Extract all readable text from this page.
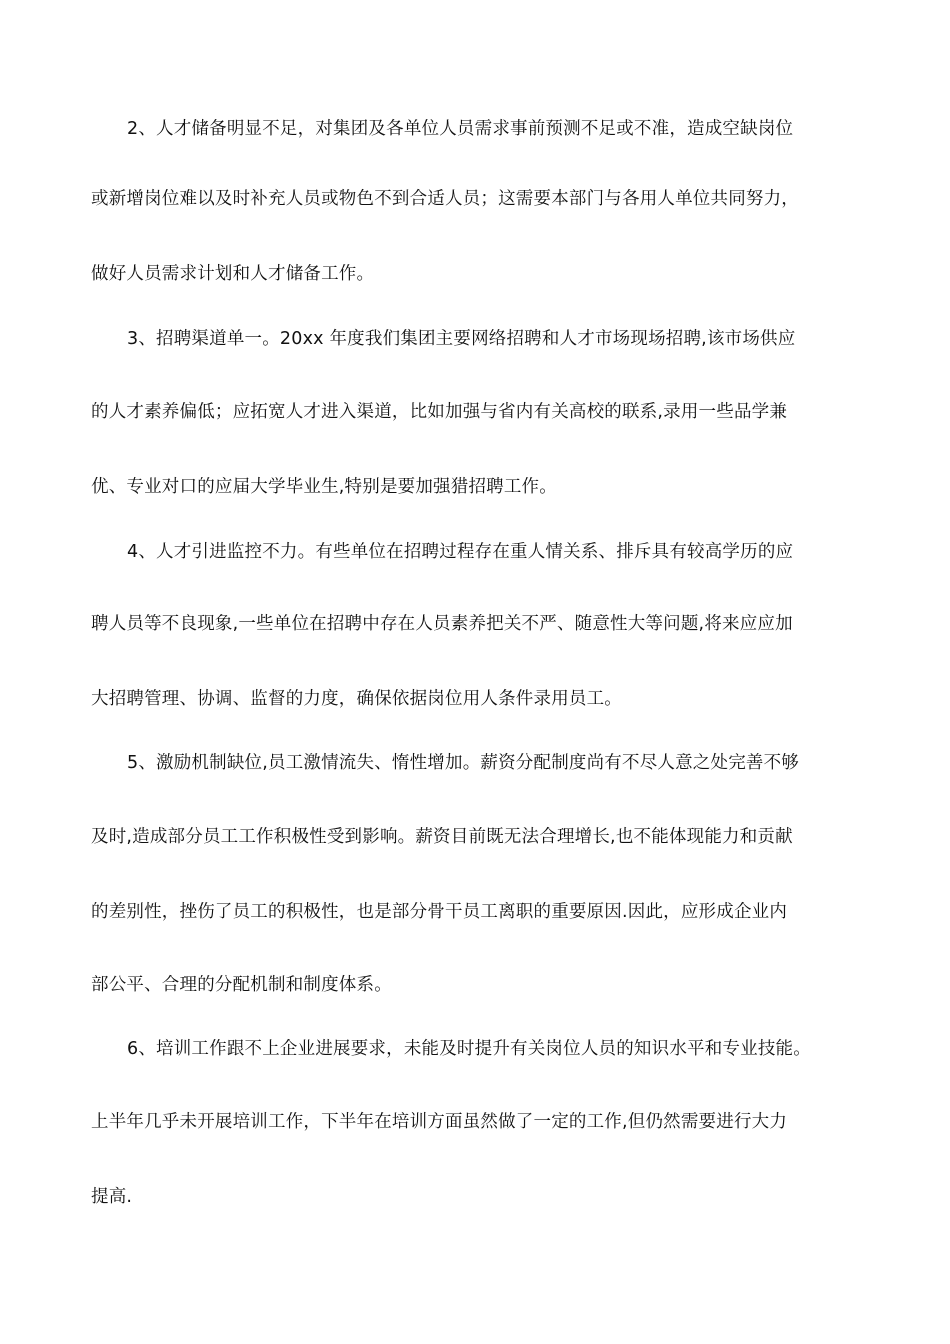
2、人才储备明显不足，对集团及各单位人员需求事前预测不足或不准，造成空缺岗位
或新增岗位难以及时补充人员或物色不到合适人员；这需要本部门与各用人单位共同努力，
做好人员需求计划和人才储备工作。
3、招聘渠道单一。20xx 年度我们集团主要网络招聘和人才市场现场招聘,该市场供应
的人才素养偏低；应拓宽人才进入渠道，比如加强与省内有关高校的联系,录用一些品学兼
优、专业对口的应届大学毕业生,特别是要加强猎招聘工作。
4、人才引进监控不力。有些单位在招聘过程存在重人情关系、排斥具有较高学历的应
聘人员等不良现象,一些单位在招聘中存在人员素养把关不严、随意性大等问题,将来应应加
大招聘管理、协调、监督的力度，确保依据岗位用人条件录用员工。
5、激励机制缺位,员工激情流失、惰性增加。薪资分配制度尚有不尽人意之处完善不够
及时,造成部分员工工作积极性受到影响。薪资目前既无法合理增长,也不能体现能力和贡献
的差别性，挫伤了员工的积极性，也是部分骨干员工离职的重要原因.因此，应形成企业内
部公平、合理的分配机制和制度体系。
6、培训工作跟不上企业进展要求，未能及时提升有关岗位人员的知识水平和专业技能。
上半年几乎未开展培训工作，下半年在培训方面虽然做了一定的工作,但仍然需要进行大力
提高.
